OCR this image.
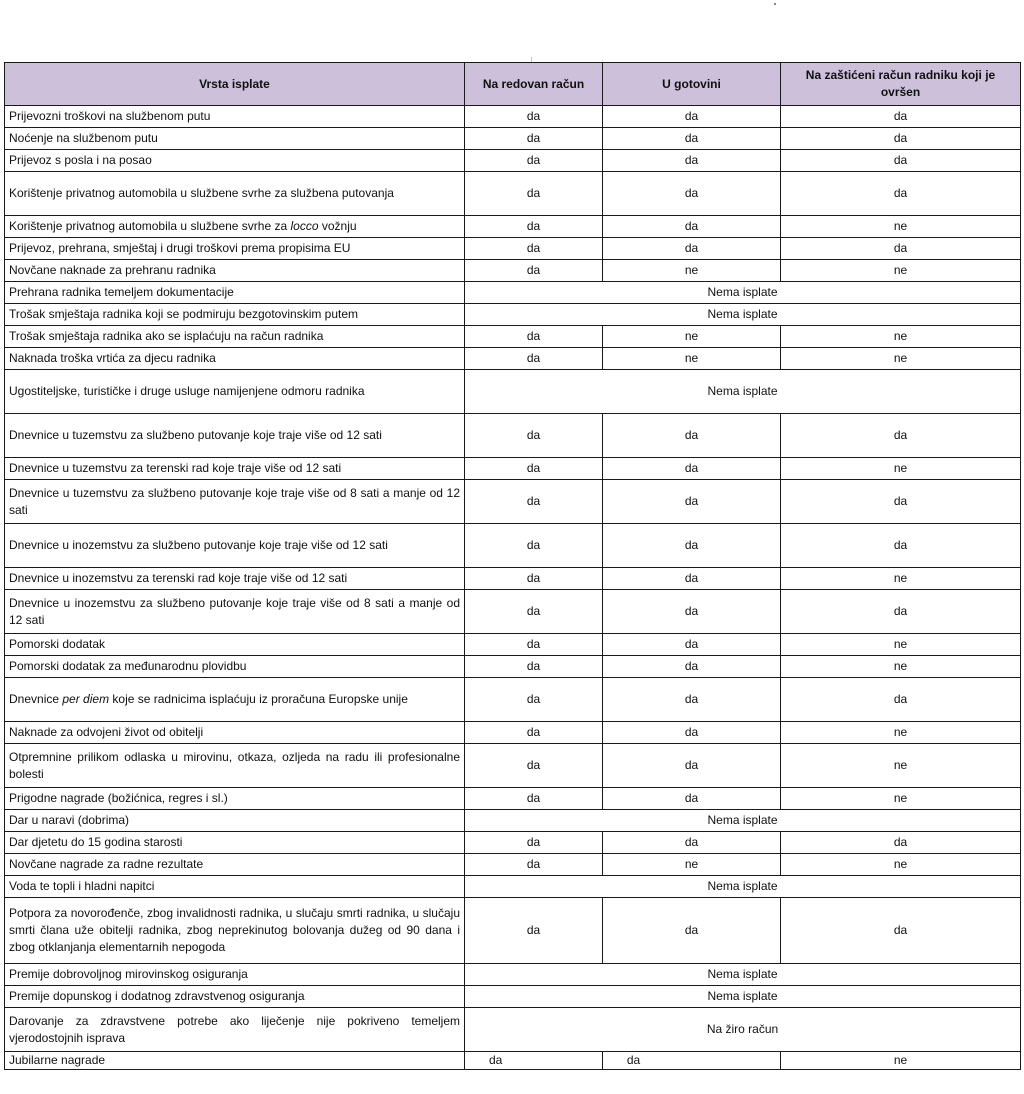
Vrsta isplate	Na redovan račun	U gotovini	Na zaštićeni račun radniku koji je ovršen
Prijevozni troškovi na službenom putu	da	da	da
Noćenje na službenom putu	da	da	da
Prijevoz s posla i na posao	da	da	da
Korištenje privatnog automobila u službene svrhe za službena putovanja	da	da	da
Korištenje privatnog automobila u službene svrhe za locco vožnju	da	da	ne
Prijevoz, prehrana, smještaj i drugi troškovi prema propisima EU	da	da	da
Novčane naknade za prehranu radnika	da	ne	ne
Prehrana radnika temeljem dokumentacije	Nema isplate		
Trošak smještaja radnika koji se podmiruju bezgotovinskim putem	Nema isplate		
Trošak smještaja radnika ako se isplaćuju na račun radnika	da	ne	ne
Naknada troška vrtića za djecu radnika	da	ne	ne
Ugostiteljske, turističke i druge usluge namijenjene odmoru radnika	Nema isplate		
Dnevnice u tuzemstvu za službeno putovanje koje traje više od 12 sati	da	da	da
Dnevnice u tuzemstvu za terenski rad koje traje više od 12 sati	da	da	ne
Dnevnice u tuzemstvu za službeno putovanje koje traje više od 8 sati a manje od 12 sati	da	da	da
Dnevnice u inozemstvu za službeno putovanje koje traje više od 12 sati	da	da	da
Dnevnice u inozemstvu za terenski rad koje traje više od 12 sati	da	da	ne
Dnevnice u inozemstvu za službeno putovanje koje traje više od 8 sati a manje od 12 sati	da	da	da
Pomorski dodatak	da	da	ne
Pomorski dodatak za međunarodnu plovidbu	da	da	ne
Dnevnice per diem koje se radnicima isplaćuju iz proračuna Europske unije	da	da	da
Naknade za odvojeni život od obitelji	da	da	ne
Otpremnine prilikom odlaska u mirovinu, otkaza, ozljeda na radu ili profesionalne bolesti	da	da	ne
Prigodne nagrade (božićnica, regres i sl.)	da	da	ne
Dar u naravi (dobrima)	Nema isplate		
Dar djetetu do 15 godina starosti	da	da	da
Novčane nagrade za radne rezultate	da	ne	ne
Voda te topli i hladni napitci	Nema isplate		
Potpora za novorođenče, zbog invalidnosti radnika, u slučaju smrti radnika, u slučaju smrti člana uže obitelji radnika, zbog neprekinutog bolovanja dužeg od 90 dana i zbog otklanjanja elementarnih nepogoda	da	da	da
Premije dobrovoljnog mirovinskog osiguranja	Nema isplate		
Premije dopunskog i dodatnog zdravstvenog osiguranja	Nema isplate		
Darovanje za zdravstvene potrebe ako liječenje nije pokriveno temeljem vjerodostojnih isprava	Na žiro račun		
Jubilarne nagrade	da	da	ne
